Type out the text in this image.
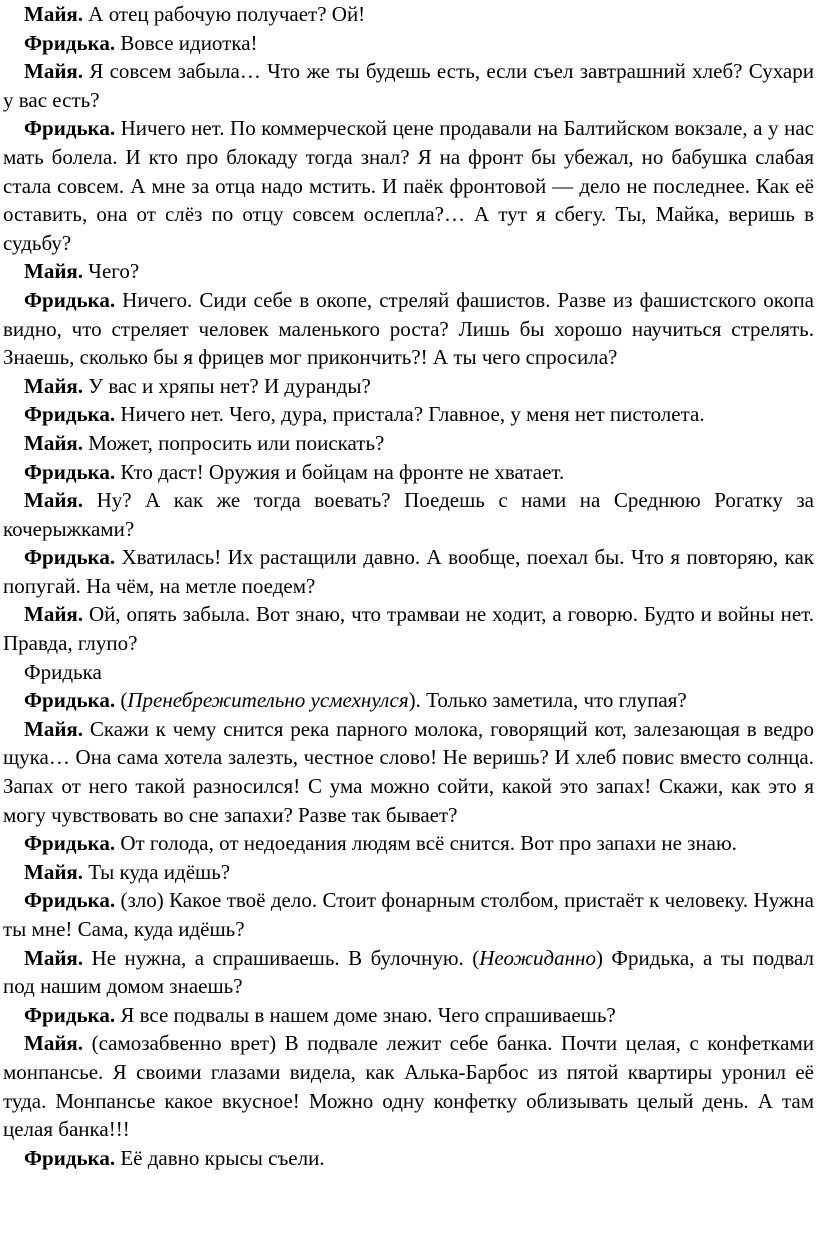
Майя. А отец рабочую получает? Ой!

Фридька. Вовсе идиотка!

Майя. Я совсем забыла… Что же ты будешь есть, если съел завтрашний хлеб? Сухари у вас есть?

Фридька. Ничего нет. По коммерческой цене продавали на Балтийском вокзале, а у нас мать болела. И кто про блокаду тогда знал? Я на фронт бы убежал, но бабушка слабая стала совсем. А мне за отца надо мстить. И паёк фронтовой — дело не последнее. Как её оставить, она от слёз по отцу совсем ослепла?… А тут я сбегу. Ты, Майка, веришь в судьбу?

Майя. Чего?

Фридька. Ничего. Сиди себе в окопе, стреляй фашистов. Разве из фашистского окопа видно, что стреляет человек маленького роста? Лишь бы хорошо научиться стрелять. Знаешь, сколько бы я фрицев мог прикончить?! А ты чего спросила?

Майя. У вас и хряпы нет? И дуранды?

Фридька. Ничего нет. Чего, дура, пристала? Главное, у меня нет пистолета.

Майя. Может, попросить или поискать?

Фридька. Кто даст! Оружия и бойцам на фронте не хватает.

Майя. Ну? А как же тогда воевать? Поедешь с нами на Среднюю Рогатку за кочерыжками?

Фридька. Хватилась! Их растащили давно. А вообще, поехал бы. Что я повторяю, как попугай. На чём, на метле поедем?

Майя. Ой, опять забыла. Вот знаю, что трамваи не ходит, а говорю. Будто и войны нет. Правда, глупо?

Фридька

Фридька. (Пренебрежительно усмехнулся). Только заметила, что глупая?

Майя. Скажи к чему снится река парного молока, говорящий кот, залезающая в ведро щука… Она сама хотела залезть, честное слово! Не веришь? И хлеб повис вместо солнца. Запах от него такой разносился! С ума можно сойти, какой это запах! Скажи, как это я могу чувствовать во сне запахи? Разве так бывает?

Фридька. От голода, от недоедания людям всё снится. Вот про запахи не знаю.

Майя. Ты куда идёшь?

Фридька. (зло) Какое твоё дело. Стоит фонарным столбом, пристаёт к человеку. Нужна ты мне! Сама, куда идёшь?

Майя. Не нужна, а спрашиваешь. В булочную. (Неожиданно) Фридька, а ты подвал под нашим домом знаешь?

Фридька. Я все подвалы в нашем доме знаю. Чего спрашиваешь?

Майя. (самозабвенно врет) В подвале лежит себе банка. Почти целая, с конфетками монпансье. Я своими глазами видела, как Алька-Барбос из пятой квартиры уронил её туда. Монпансье какое вкусное! Можно одну конфетку облизывать целый день. А там целая банка!!!

Фридька. Её давно крысы съели.
